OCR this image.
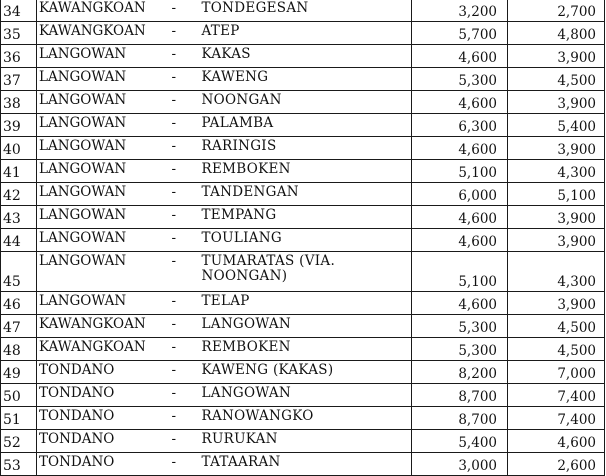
34	KAWANGKOAN	- TONDEGESAN	3,200	2,700
35	KAWANGKOAN	- ATEP	5,700	4,800
36	LANGOWAN	- KAKAS	4,600	3,900
37	LANGOWAN	- KAWENG	5,300	4,500
38	LANGOWAN	- NOONGAN	4,600	3,900
39	LANGOWAN	- PALAMBA	6,300	5,400
40	LANGOWAN	- RARINGIS	4,600	3,900
41	LANGOWAN	- REMBOKEN	5,100	4,300
42	LANGOWAN	- TANDENGAN	6,000	5,100
43	LANGOWAN	- TEMPANG	4,600	3,900
44	LANGOWAN	- TOULIANG	4,600	3,900
45	LANGOWAN	- TUMARATAS (VIA. NOONGAN)	5,100	4,300
46	LANGOWAN	- TELAP	4,600	3,900
47	KAWANGKOAN	- LANGOWAN	5,300	4,500
48	KAWANGKOAN	- REMBOKEN	5,300	4,500
49	TONDANO	- KAWENG (KAKAS)	8,200	7,000
50	TONDANO	- LANGOWAN	8,700	7,400
51	TONDANO	- RANOWANGKO	8,700	7,400
52	TONDANO	- RURUKAN	5,400	4,600
53	TONDANO	- TATAARAN	3,000	2,600
